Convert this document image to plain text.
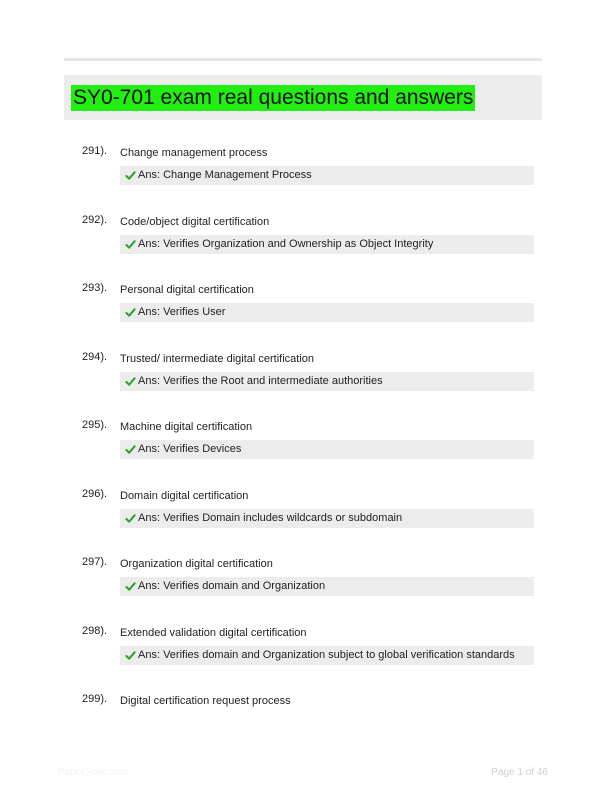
SY0-701 exam real questions and answers
291). Change management process
Ans: Change Management Process
292). Code/object digital certification
Ans: Verifies Organization and Ownership as Object Integrity
293). Personal digital certification
Ans: Verifies User
294). Trusted/ intermediate digital certification
Ans: Verifies the Root and intermediate authorities
295). Machine digital certification
Ans: Verifies Devices
296). Domain digital certification
Ans: Verifies Domain includes wildcards or subdomain
297). Organization digital certification
Ans: Verifies domain and Organization
298). Extended validation digital certification
Ans: Verifies domain and Organization subject to global verification standards
299). Digital certification request process
PaperSolic.com	Page 1 of 46
